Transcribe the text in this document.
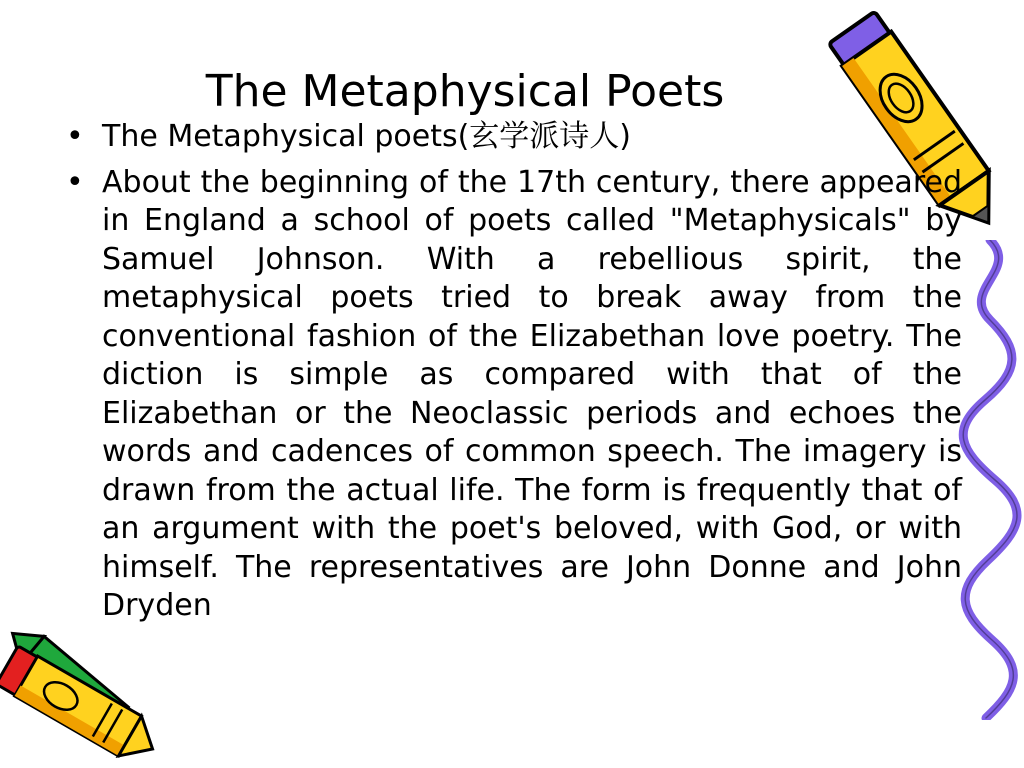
The Metaphysical Poets
• The Metaphysical poets(玄学派诗人)
• About the beginning of the 17th century, there appeared in England a school of poets called "Metaphysicals" by Samuel Johnson. With a rebellious spirit, the metaphysical poets tried to break away from the conventional fashion of the Elizabethan love poetry. The diction is simple as compared with that of the Elizabethan or the Neoclassic periods and echoes the words and cadences of common speech. The imagery is drawn from the actual life. The form is frequently that of an argument with the poet's beloved, with God, or with himself. The representatives are John Donne and John Dryden
